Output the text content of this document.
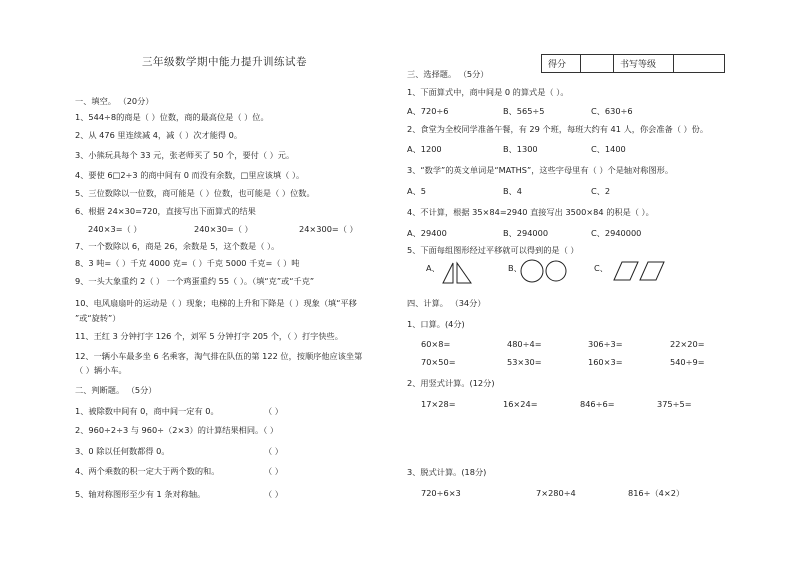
三年级数学期中能力提升训练试卷	得分		书写等级	
一、填空。 （20分）
1、544÷8的商是（ ）位数，商的最高位是（ ）位。
2、从 476 里连续减 4，减（ ）次才能得 0。
3、小熊玩具每个 33 元，张老师买了 50 个，要付（ ）元。
4、要使 6□2÷3 的商中间有 0 而没有余数，□里应该填（ ）。
5、三位数除以一位数，商可能是（ ）位数，也可能是（ ）位数。
6、根据 24×30=720，直接写出下面算式的结果
240×3=（ ）	240×30=（ ）	24×300=（ ）
7、一个数除以 6，商是 26，余数是 5，这个数是（ ）。
8、3 吨=（ ）千克 4000 克=（ ）千克 5000 千克=（ ）吨
9、一头大象重约 2（ ） 一个鸡蛋重约 55（ ）。（填“克”或“千克”
10、电风扇扇叶的运动是（ ）现象；电梯的上升和下降是（ ）现象（填“平移
”或“旋转”）
11、王红 3 分钟打字 126 个，刘军 5 分钟打字 205 个，（ ）打字快些。
12、一辆小车最多坐 6 名乘客，淘气排在队伍的第 122 位，按顺序他应该坐第
（ ）辆小车。
二、判断题。 （5分）
1、被除数中间有 0，商中间一定有 0。	（ ）
2、960÷2÷3 与 960÷（2×3）的计算结果相同。（ ）
3、0 除以任何数都得 0。	（ ）
4、两个乘数的积一定大于两个数的和。	（ ）
5、轴对称图形至少有 1 条对称轴。	（ ）
三、选择题。 （5分）
1、下面算式中，商中间是 0 的算式是（ ）。
A、720÷6	B、565÷5	C、630÷6
2、食堂为全校同学准备午餐，有 29 个班，每班大约有 41 人，你会准备（ ）份。
A、1200	B、1300	C、1400
3、“数学”的英文单词是“MATHS”，这些字母里有（ ）个是轴对称图形。
A、5	B、4	C、2
4、不计算，根据 35×84=2940 直接写出 3500×84 的积是（ ）。
A、29400	B、294000	C、2940000
5、下面每组图形经过平移就可以得到的是（ ）
A、	B、	C、
四、计算。 （34分）
1、口算。(4分)
60×8=	480÷4=	306÷3=	22×20=
70×50=	53×30=	160×3=	540÷9=
2、用竖式计算。(12分)
17×28=	16×24=	846÷6=	375÷5=
3、脱式计算。(18分)
720÷6×3	7×280÷4	816÷（4×2）
